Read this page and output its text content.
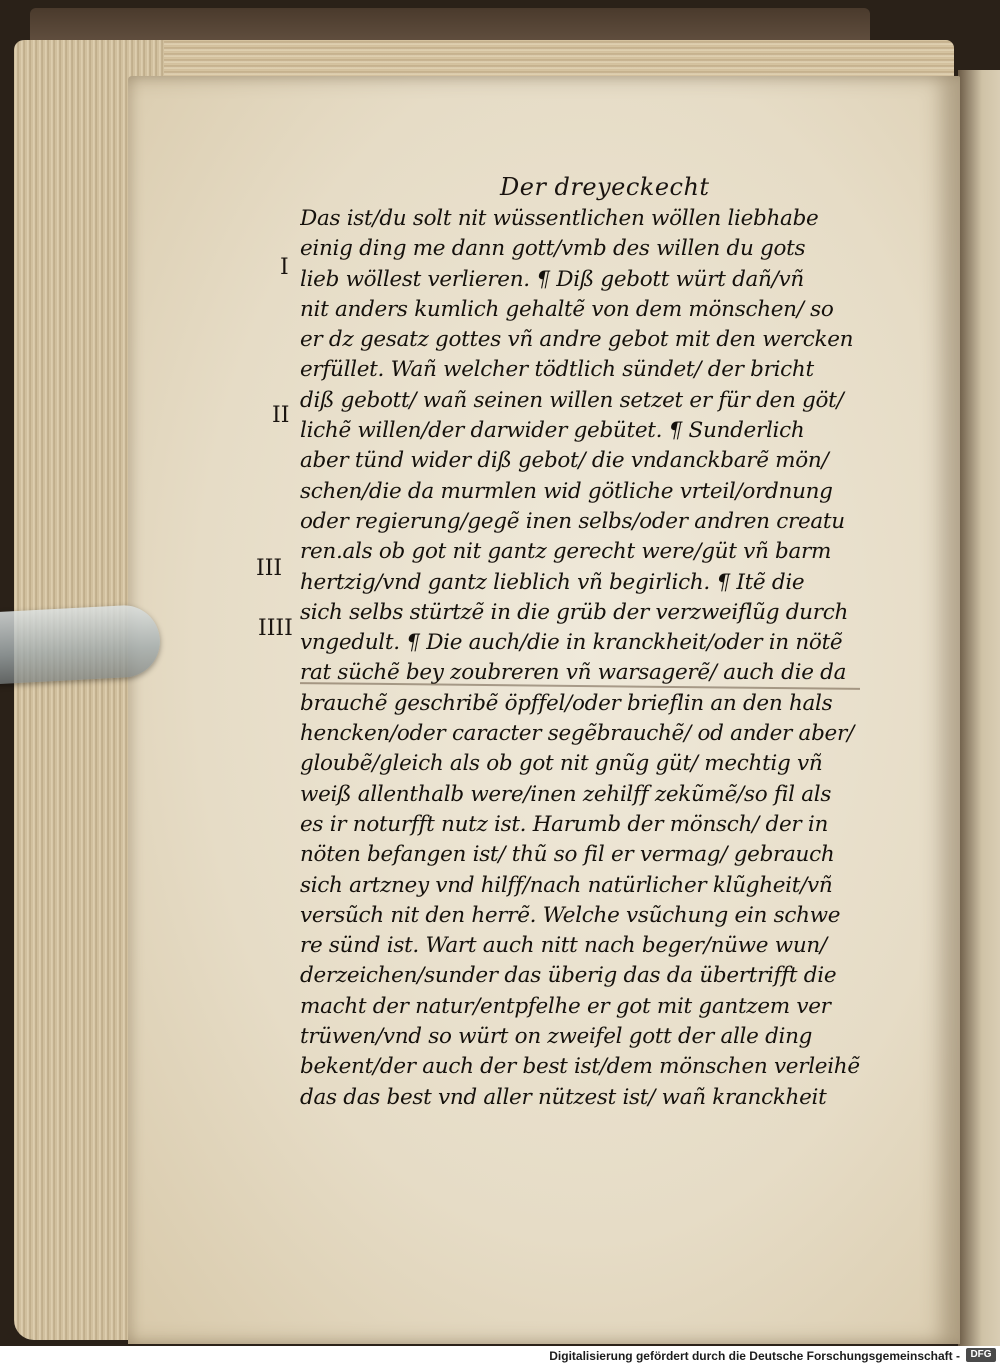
Der dreyeckecht
Das ist/du solt nit wüssentlichen wöllen liebhabe
einig ding me dann gott/vmb des willen du gots
lieb wöllest verlieren. ¶ Diß gebott würt dañ/vñ
nit anders kumlich gehaltẽ von dem mönschen/ so
er dz gesatz gottes vñ andre gebot mit den wercken
erfüllet. Wañ welcher tödtlich sündet/ der bricht
diß gebott/ wañ seinen willen setzet er für den göt/
lichẽ willen/der darwider gebütet. ¶ Sunderlich
aber tünd wider diß gebot/ die vndanckbarẽ mön/
schen/die da murmlen wid götliche vrteil/ordnung
oder regierung/gegẽ inen selbs/oder andren creatu
ren.als ob got nit gantz gerecht were/güt vñ barm
hertzig/vnd gantz lieblich vñ begirlich. ¶ Itẽ die
sich selbs stürtzẽ in die grüb der verzweiflũg durch
vngedult. ¶ Die auch/die in kranckheit/oder in nötẽ
rat süchẽ bey zoubreren vñ warsagerẽ/ auch die da
brauchẽ geschribẽ öpffel/oder brieflin an den hals
hencken/oder caracter segẽbrauchẽ/ od ander aber/
gloubẽ/gleich als ob got nit gnũg güt/ mechtig vñ
weiß allenthalb were/inen zehilff zekũmẽ/so fil als
es ir noturfft nutz ist. Harumb der mönsch/ der in
nöten befangen ist/ thũ so fil er vermag/ gebrauch
sich artzney vnd hilff/nach natürlicher klũgheit/vñ
versũch nit den herrẽ. Welche vsũchung ein schwe
re sünd ist. Wart auch nitt nach beger/nüwe wun/
derzeichen/sunder das überig das da übertrifft die
macht der natur/entpfelhe er got mit gantzem ver
trüwen/vnd so würt on zweifel gott der alle ding
bekent/der auch der best ist/dem mönschen verleihẽ
das das best vnd aller nützest ist/ wañ kranckheit
I
II
III
IIII
Digitalisierung gefördert durch die Deutsche Forschungsgemeinschaft -	DFG
